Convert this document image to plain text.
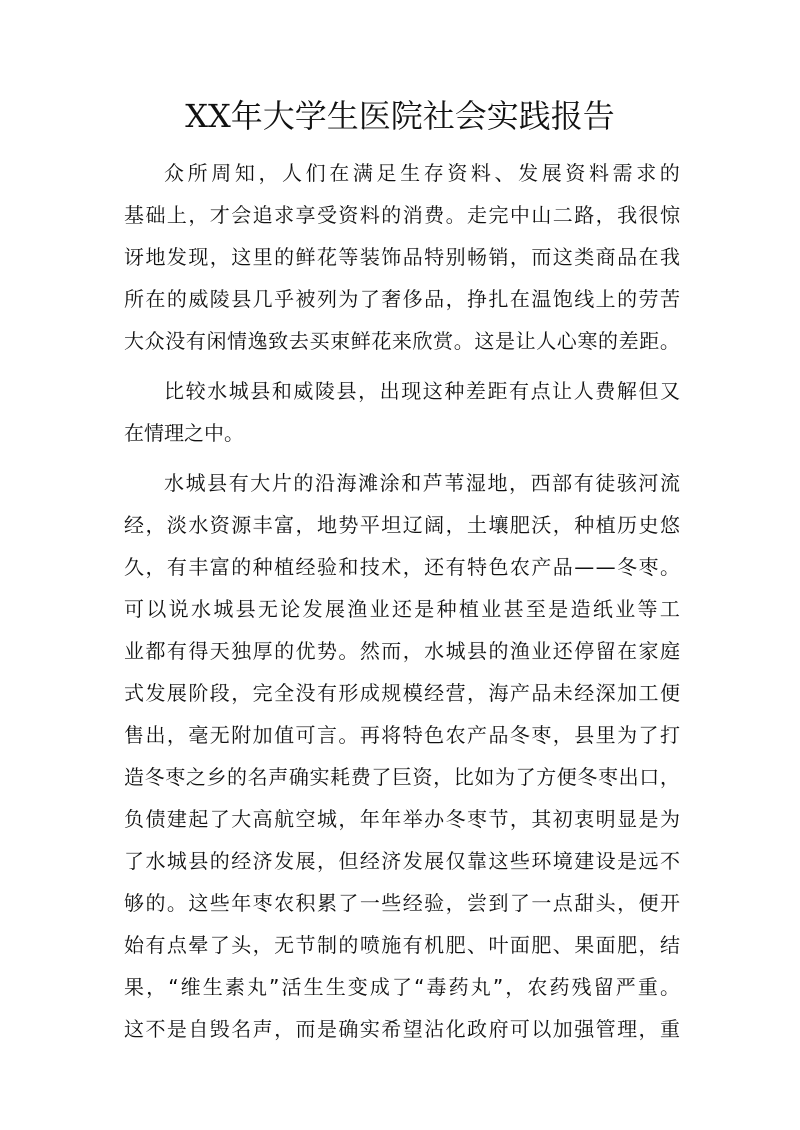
XX年大学生医院社会实践报告
众 所 周 知 ， 人 们 在 满 足 生 存 资 料 、 发 展 资 料 需 求 的
基 础 上 ， 才 会 追 求 享 受 资 料 的 消 费 。 走 完 中 山 二 路 ， 我 很 惊
讶 地 发 现 ， 这 里 的 鲜 花 等 装 饰 品 特 别 畅 销 ， 而 这 类 商 品 在 我
所 在 的 威 陵 县 几 乎 被 列 为 了 奢 侈 品 ， 挣 扎 在 温 饱 线 上 的 劳 苦
大 众 没 有 闲 情 逸 致 去 买 束 鲜 花 来 欣 赏 。 这 是 让 人 心 寒 的 差 距 。
比 较 水 城 县 和 威 陵 县 ， 出 现 这 种 差 距 有 点 让 人 费 解 但 又
在情理之中。
水 城 县 有 大 片 的 沿 海 滩 涂 和 芦 苇 湿 地 ， 西 部 有 徒 骇 河 流
经 ， 淡 水 资 源 丰 富 ， 地 势 平 坦 辽 阔 ， 土 壤 肥 沃 ， 种 植 历 史 悠
久 ， 有 丰 富 的 种 植 经 验 和 技 术 ， 还 有 特 色 农 产 品 — — 冬 枣 。
可 以 说 水 城 县 无 论 发 展 渔 业 还 是 种 植 业 甚 至 是 造 纸 业 等 工
业 都 有 得 天 独 厚 的 优 势 。 然 而 ， 水 城 县 的 渔 业 还 停 留 在 家 庭
式 发 展 阶 段 ， 完 全 没 有 形 成 规 模 经 营 ， 海 产 品 未 经 深 加 工 便
售 出 ， 毫 无 附 加 值 可 言 。 再 将 特 色 农 产 品 冬 枣 ， 县 里 为 了 打
造 冬 枣 之 乡 的 名 声 确 实 耗 费 了 巨 资 ， 比 如 为 了 方 便 冬 枣 出 口 ，
负 债 建 起 了 大 高 航 空 城 ， 年 年 举 办 冬 枣 节 ， 其 初 衷 明 显 是 为
了 水 城 县 的 经 济 发 展 ， 但 经 济 发 展 仅 靠 这 些 环 境 建 设 是 远 不
够 的 。 这 些 年 枣 农 积 累 了 一 些 经 验 ， 尝 到 了 一 点 甜 头 ， 便 开
始 有 点 晕 了 头 ， 无 节 制 的 喷 施 有 机 肥 、 叶 面 肥 、 果 面 肥 ， 结
果 ， “ 维 生 素 丸 ” 活 生 生 变 成 了 “ 毒 药 丸 ” ， 农 药 残 留 严 重 。
这 不 是 自 毁 名 声 ， 而 是 确 实 希 望 沾 化 政 府 可 以 加 强 管 理 ， 重
